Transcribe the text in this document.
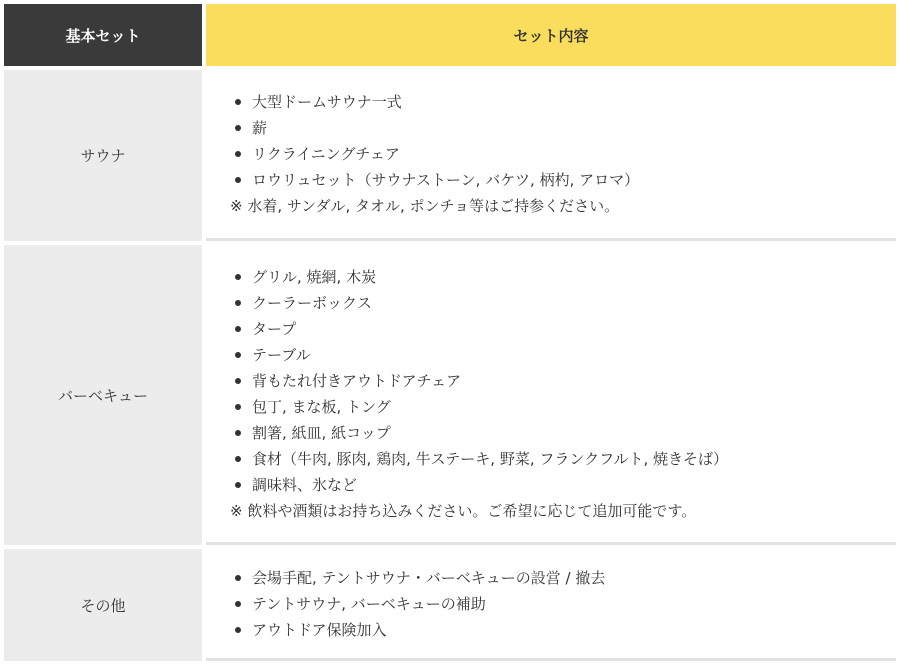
基本セット	セット内容
サウナ
大型ドームサウナ一式
薪
リクライニングチェア
ロウリュセット（サウナストーン, バケツ, 柄杓, アロマ）
※ 水着, サンダル, タオル, ポンチョ等はご持参ください。
バーベキュー
グリル, 焼網, 木炭
クーラーボックス
タープ
テーブル
背もたれ付きアウトドアチェア
包丁, まな板, トング
割箸, 紙皿, 紙コップ
食材（牛肉, 豚肉, 鶏肉, 牛ステーキ, 野菜, フランクフルト, 焼きそば）
調味料、氷など
※ 飲料や酒類はお持ち込みください。ご希望に応じて追加可能です。
その他
会場手配, テントサウナ・バーベキューの設営 / 撤去
テントサウナ, バーベキューの補助
アウトドア保険加入
